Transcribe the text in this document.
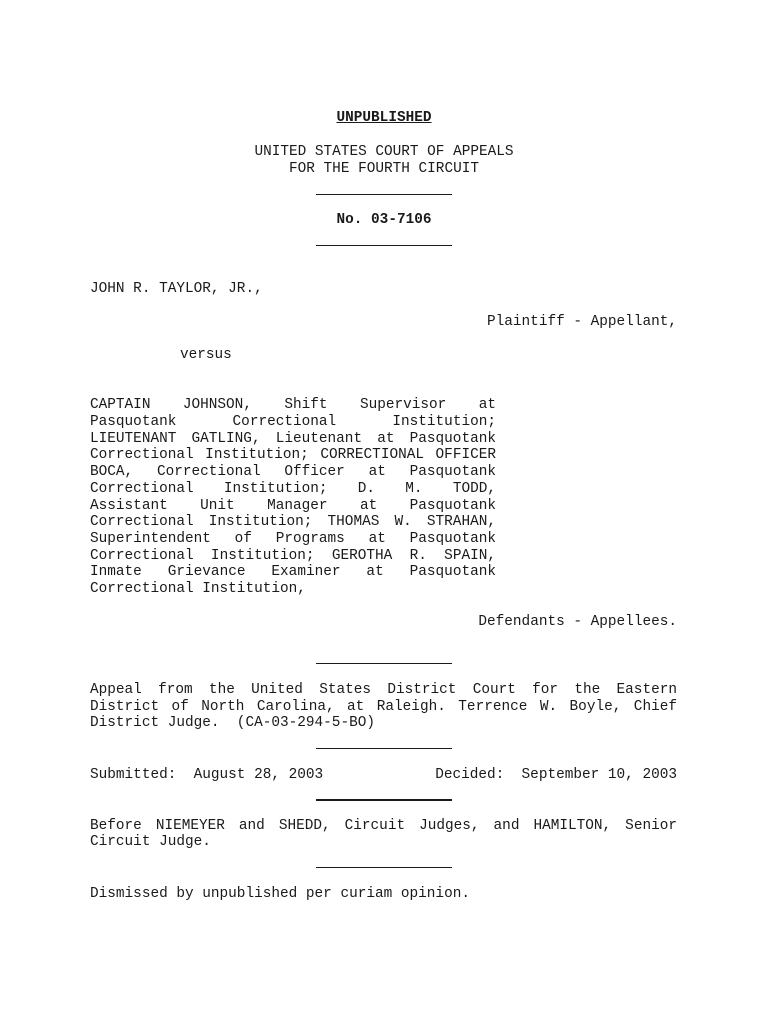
UNPUBLISHED
UNITED STATES COURT OF APPEALS
FOR THE FOURTH CIRCUIT
No. 03-7106
JOHN R. TAYLOR, JR.,
Plaintiff - Appellant,
versus
CAPTAIN JOHNSON, Shift Supervisor at
Pasquotank Correctional Institution;
LIEUTENANT GATLING, Lieutenant at Pasquotank
Correctional Institution; CORRECTIONAL OFFICER
BOCA, Correctional Officer at Pasquotank
Correctional Institution; D. M. TODD,
Assistant Unit Manager at Pasquotank
Correctional Institution; THOMAS W. STRAHAN,
Superintendent of Programs at Pasquotank
Correctional Institution; GEROTHA R. SPAIN,
Inmate Grievance Examiner at Pasquotank
Correctional Institution,
Defendants - Appellees.
Appeal from the United States District Court for the Eastern
District of North Carolina, at Raleigh. Terrence W. Boyle, Chief
District Judge.  (CA-03-294-5-BO)
Submitted:  August 28, 2003	Decided:  September 10, 2003
Before NIEMEYER and SHEDD, Circuit Judges, and HAMILTON, Senior
Circuit Judge.
Dismissed by unpublished per curiam opinion.
